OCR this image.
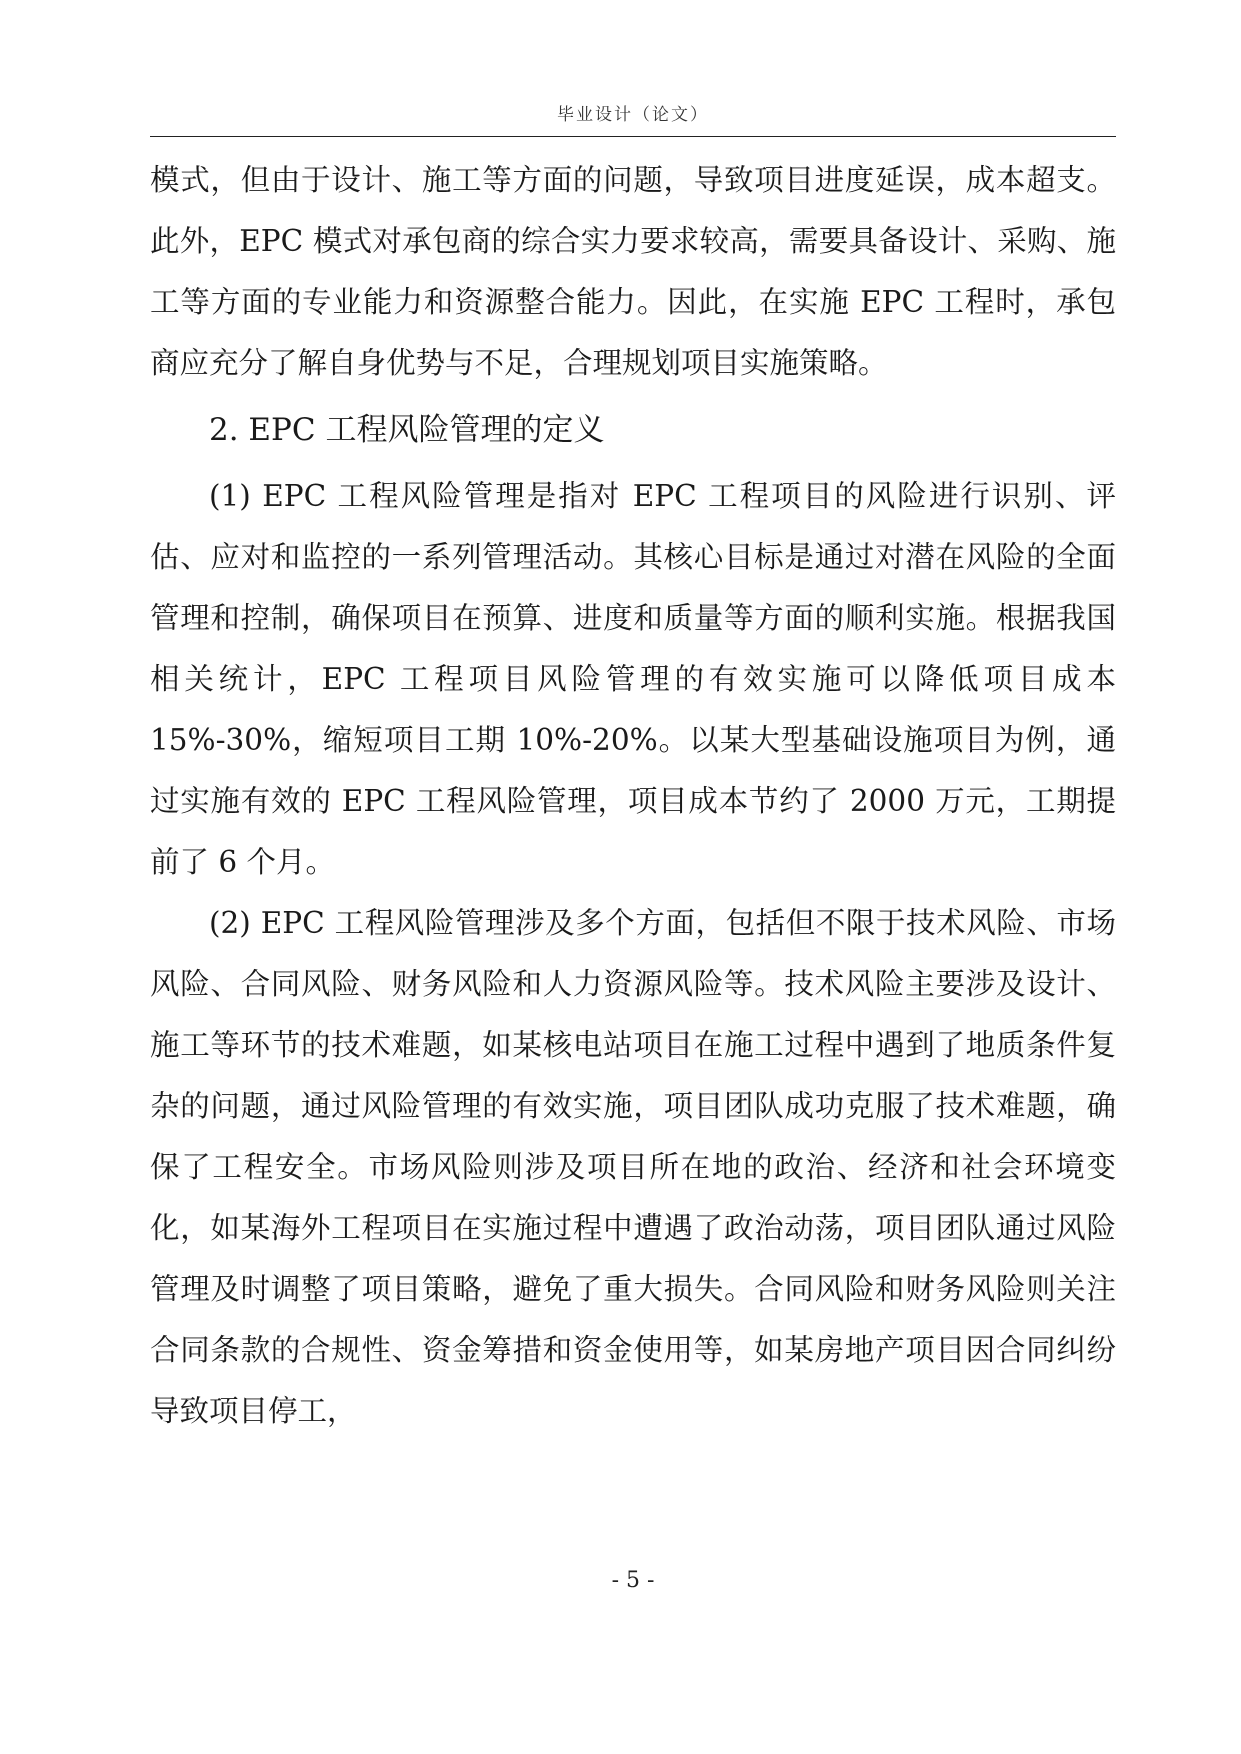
毕业设计（论文）

模式，但由于设计、施工等方面的问题，导致项目进度延误，成本超支。此外，EPC 模式对承包商的综合实力要求较高，需要具备设计、采购、施工等方面的专业能力和资源整合能力。因此，在实施 EPC 工程时，承包商应充分了解自身优势与不足，合理规划项目实施策略。

2. EPC 工程风险管理的定义

(1) EPC 工程风险管理是指对 EPC 工程项目的风险进行识别、评估、应对和监控的一系列管理活动。其核心目标是通过对潜在风险的全面管理和控制，确保项目在预算、进度和质量等方面的顺利实施。根据我国相关统计，EPC 工程项目风险管理的有效实施可以降低项目成本 15%-30%，缩短项目工期 10%-20%。以某大型基础设施项目为例，通过实施有效的 EPC 工程风险管理，项目成本节约了 2000 万元，工期提前了 6 个月。

(2) EPC 工程风险管理涉及多个方面，包括但不限于技术风险、市场风险、合同风险、财务风险和人力资源风险等。技术风险主要涉及设计、施工等环节的技术难题，如某核电站项目在施工过程中遇到了地质条件复杂的问题，通过风险管理的有效实施，项目团队成功克服了技术难题，确保了工程安全。市场风险则涉及项目所在地的政治、经济和社会环境变化，如某海外工程项目在实施过程中遭遇了政治动荡，项目团队通过风险管理及时调整了项目策略，避免了重大损失。合同风险和财务风险则关注合同条款的合规性、资金筹措和资金使用等，如某房地产项目因合同纠纷导致项目停工，

- 5 -
